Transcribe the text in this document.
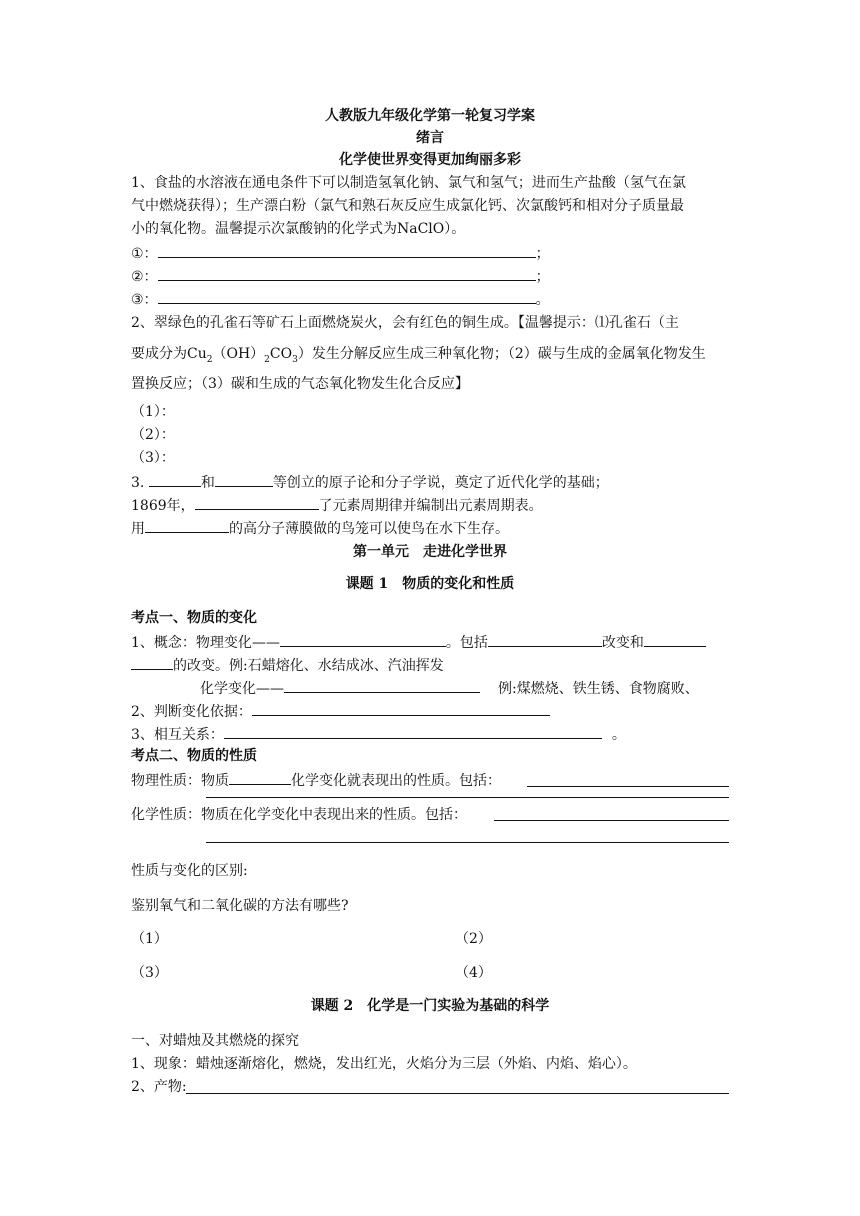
人教版九年级化学第一轮复习学案
绪言
化学使世界变得更加绚丽多彩
1、食盐的水溶液在通电条件下可以制造氢氧化钠、氯气和氢气；进而生产盐酸（氢气在氯
气中燃烧获得）；生产漂白粉（氯气和熟石灰反应生成氯化钙、次氯酸钙和相对分子质量最
小的氧化物。温馨提示次氯酸钠的化学式为NaClO）。
①：	；
②：	；
③：	。
2、翠绿色的孔雀石等矿石上面燃烧炭火，会有红色的铜生成。【温馨提示：⑴孔雀石（主
要成分为$Cu_2(OH)_2CO_3$）发生分解反应生成三种氧化物；（2）碳与生成的金属氧化物发生
置换反应；（3）碳和生成的气态氧化物发生化合反应】
（1）：
（2）：
（3）：
3.	和	等创立的原子论和分子学说，奠定了近代化学的基础；
1869年，	了元素周期律并编制出元素周期表。
用	的高分子薄膜做的鸟笼可以使鸟在水下生存。
第一单元　走进化学世界
课题 1　物质的变化和性质
考点一、物质的变化
1、概念：物理变化——	。包括	改变和
的改变。例:石蜡熔化、水结成冰、汽油挥发
化学变化——	例:煤燃烧、铁生锈、食物腐败、
2、判断变化依据：
3、相互关系：	。
考点二、物质的性质
物理性质：物质	化学变化就表现出的性质。包括：
化学性质：物质在化学变化中表现出来的性质。包括：
性质与变化的区别:
鉴别氧气和二氧化碳的方法有哪些?
（1）	（2）
（3）	（4）
课题 2　化学是一门实验为基础的科学
一、对蜡烛及其燃烧的探究
1、现象：蜡烛逐渐熔化，燃烧，发出红光，火焰分为三层（外焰、内焰、焰心）。
2、产物:
